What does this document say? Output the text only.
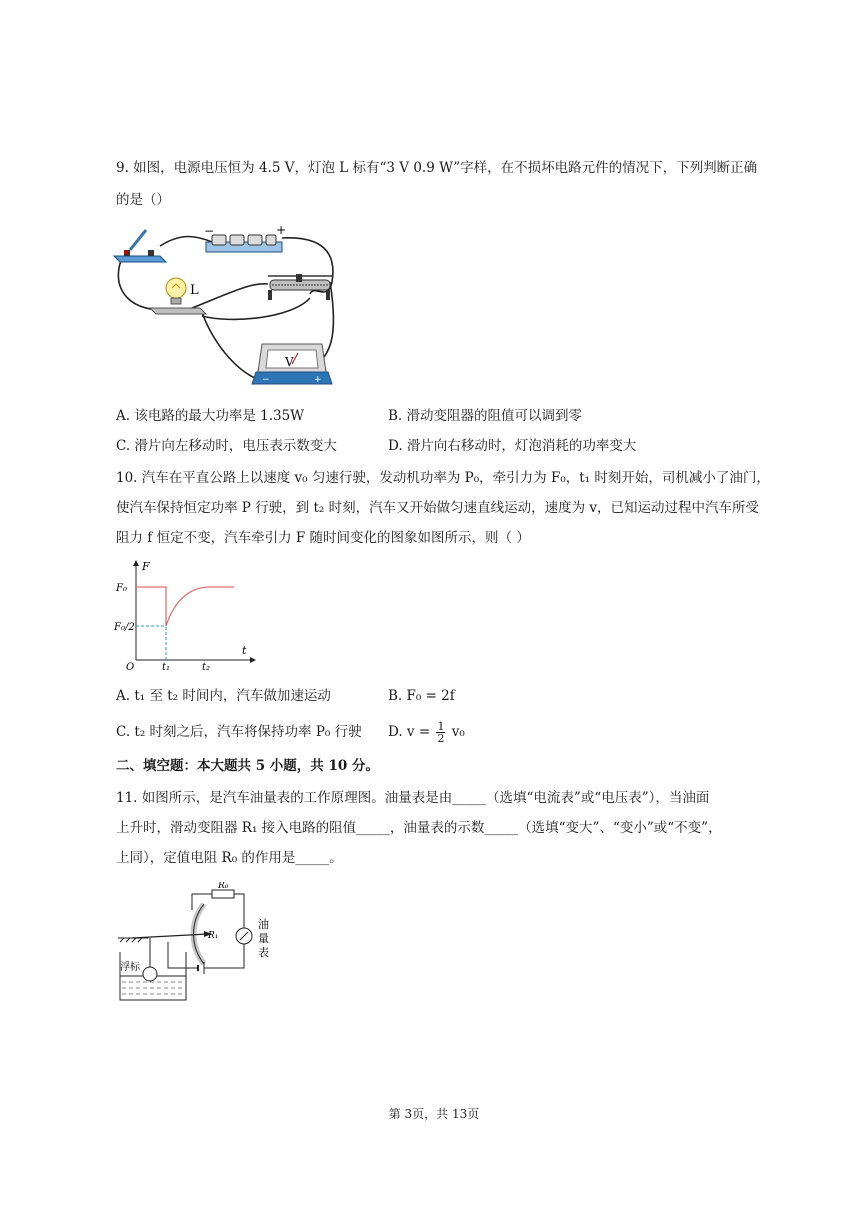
9. 如图，电源电压恒为 4.5 V，灯泡 L 标有“3 V 0.9 W”字样，在不损坏电路元件的情况下，下列判断正确
的是（）
−	+
L
V
−	+
A. 该电路的最大功率是 1.35W	B. 滑动变阻器的阻值可以调到零
C. 滑片向左移动时，电压表示数变大	D. 滑片向右移动时，灯泡消耗的功率变大
10. 汽车在平直公路上以速度 v₀ 匀速行驶，发动机功率为 P₀，牵引力为 F₀，t₁ 时刻开始，司机减小了油门，
使汽车保持恒定功率 P 行驶，到 t₂ 时刻，汽车又开始做匀速直线运动，速度为 v，已知运动过程中汽车所受
阻力 f 恒定不变，汽车牵引力 F 随时间变化的图象如图所示，则（ ）
F
t
F₀
F₀/2
O	t₁	t₂
A. t₁ 至 t₂ 时间内，汽车做加速运动	B. F₀ = 2f
C. t₂ 时刻之后，汽车将保持功率 P₀ 行驶 D. $v = \frac{1}{2} v_0$
二、填空题：本大题共 5 小题，共 10 分。
11. 如图所示，是汽车油量表的工作原理图。油量表是由_____（选填“电流表”或“电压表”），当油面
上升时，滑动变阻器 R₁ 接入电路的阻值_____，油量表的示数_____（选填“变大”、“变小”或“不变”，
上同），定值电阻 R₀ 的作用是_____。
浮标
R₀
R₁
油
量
表
第 3页，共 13页
